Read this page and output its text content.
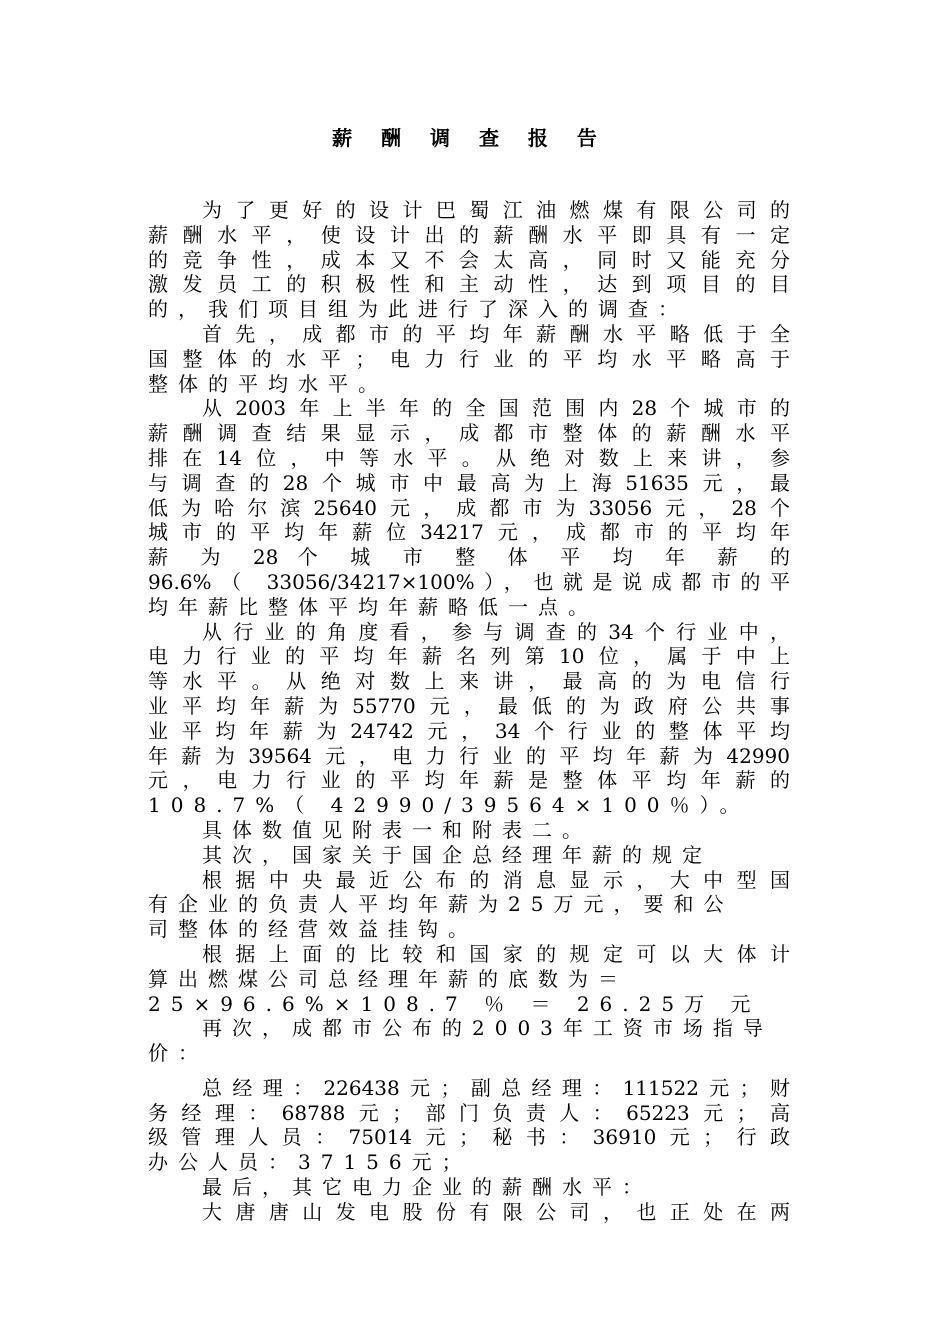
薪 酬 调 查 报 告
为了更好的设计巴蜀江油燃煤有限公司的
薪酬水平，使设计出的薪酬水平即具有一定
的竞争性，成本又不会太高，同时又能充分
激发员工的积极性和主动性，达到项目的目
的，我们项目组为此进行了深入的调查：
首先，成都市的平均年薪酬水平略低于全
国整体的水平；电力行业的平均水平略高于
整体的平均水平。
从2003年上半年的全国范围内28个城市的
薪酬调查结果显示，成都市整体的薪酬水平
排在14位，中等水平。从绝对数上来讲，参
与调查的28个城市中最高为上海51635元，最
低为哈尔滨25640元，成都市为33056元，28个
城市的平均年薪位34217元，成都市的平均年
薪 为 28 个 城 市 整 体 平 均 年 薪 的
96.6%（ 33056/34217×100%），也就是说成都市的平
均年薪比整体平均年薪略低一点。
从行业的角度看，参与调查的34个行业中，
电力行业的平均年薪名列第10位，属于中上
等水平。从绝对数上来讲，最高的为电信行
业平均年薪为55770元，最低的为政府公共事
业平均年薪为24742元，34个行业的整体平均
年薪为39564元，电力行业的平均年薪为42990
元，电力行业的平均年薪是整体平均年薪的
108.7%（ 42990/39564×100％）。
具体数值见附表一和附表二。
其次，国家关于国企总经理年薪的规定
根据中央最近公布的消息显示，大中型国
有企业的负责人平均年薪为25万元，要和公
司整体的经营效益挂钩。
根据上面的比较和国家的规定可以大体计
算出燃煤公司总经理年薪的底数为＝
25×96.6%×108.7 ％ ＝ 26.25万 元
再次，成都市公布的2003年工资市场指导
价：
总经理：226438元；副总经理：111522元；财
务经理：68788元；部门负责人：65223元；高
级管理人员：75014元；秘书：36910元；行政
办公人员：37156元；
最后，其它电力企业的薪酬水平：
大唐唐山发电股份有限公司，也正处在两
